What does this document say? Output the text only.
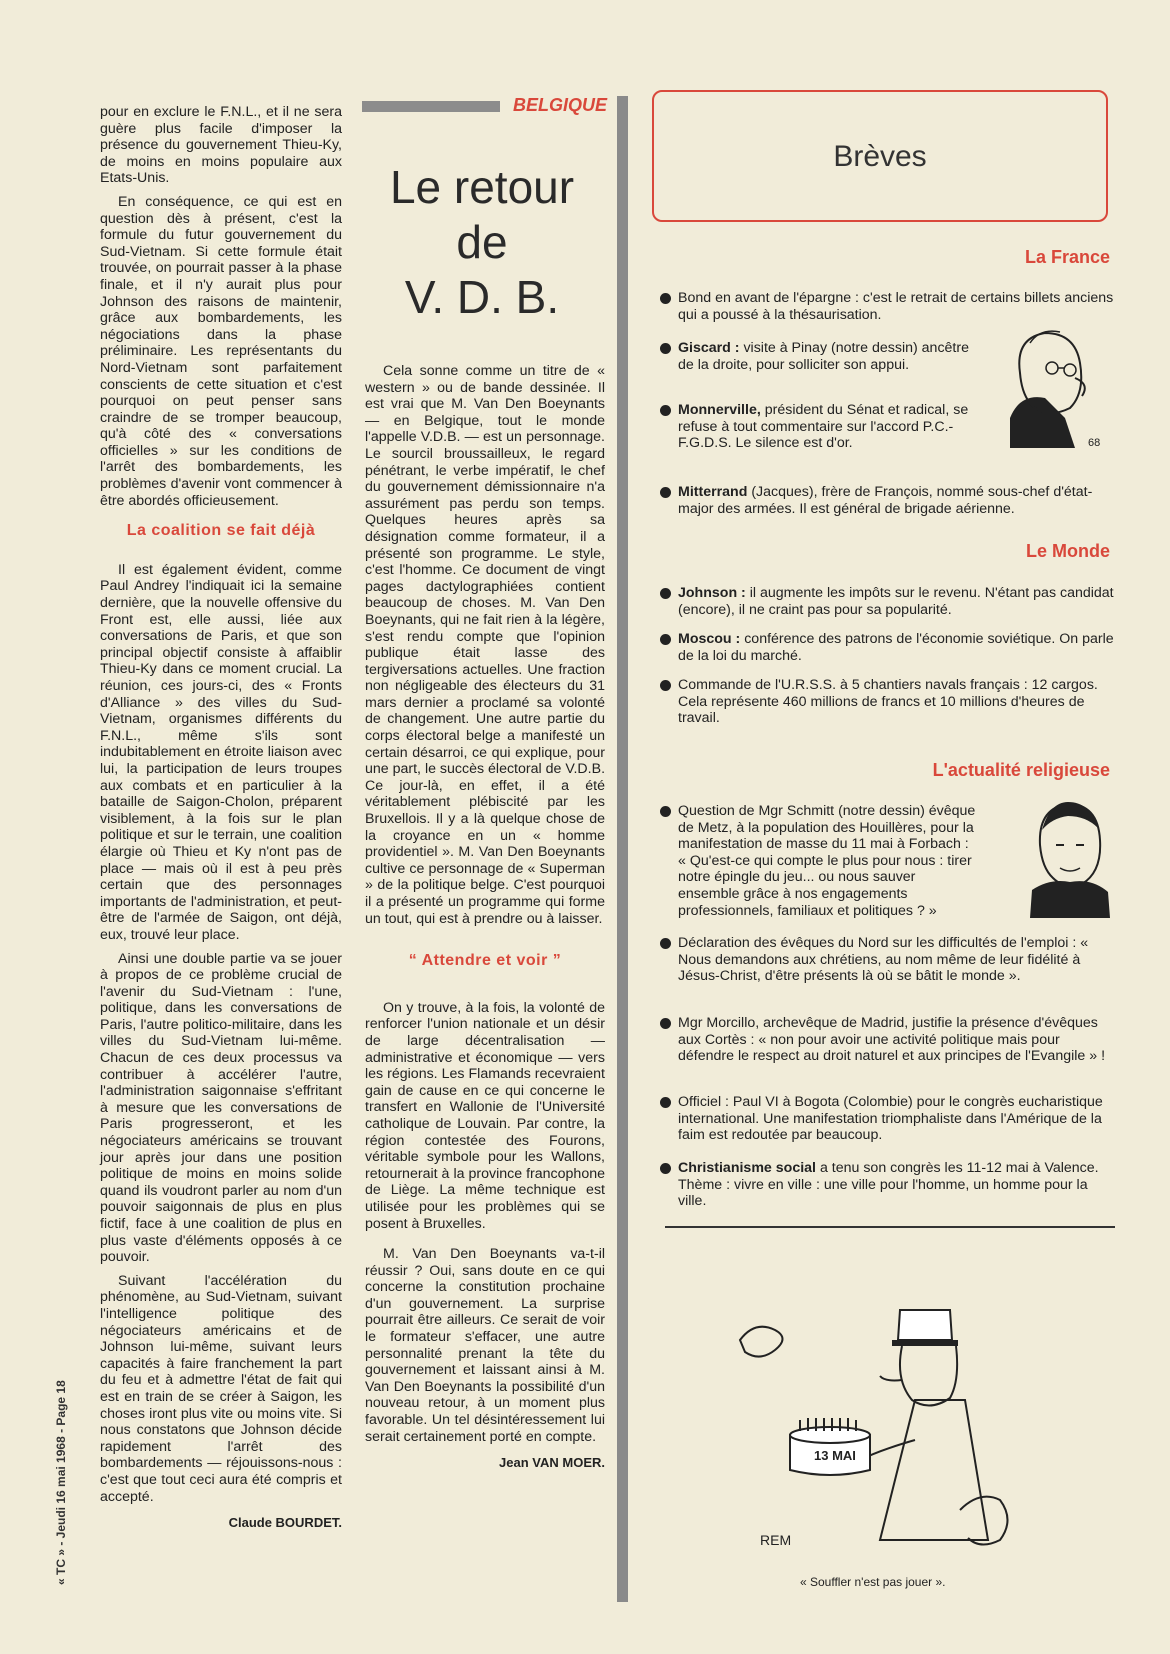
pour en exclure le F.N.L., et il ne sera guère plus facile d'imposer la présence du gouvernement Thieu-Ky, de moins en moins populaire aux Etats-Unis.

En conséquence, ce qui est en question dès à présent, c'est la formule du futur gouvernement du Sud-Vietnam. Si cette formule était trouvée, on pourrait passer à la phase finale, et il n'y aurait plus pour Johnson des raisons de maintenir, grâce aux bombardements, les négociations dans la phase préliminaire. Les représentants du Nord-Vietnam sont parfaitement conscients de cette situation et c'est pourquoi on peut penser sans craindre de se tromper beaucoup, qu'à côté des « conversations officielles » sur les conditions de l'arrêt des bombardements, les problèmes d'avenir vont commencer à être abordés officieusement.

La coalition se fait déjà

Il est également évident, comme Paul Andrey l'indiquait ici la semaine dernière, que la nouvelle offensive du Front est, elle aussi, liée aux conversations de Paris, et que son principal objectif consiste à affaiblir Thieu-Ky dans ce moment crucial. La réunion, ces jours-ci, des « Fronts d'Alliance » des villes du Sud-Vietnam, organismes différents du F.N.L., même s'ils sont indubitablement en étroite liaison avec lui, la participation de leurs troupes aux combats et en particulier à la bataille de Saigon-Cholon, préparent visiblement, à la fois sur le plan politique et sur le terrain, une coalition élargie où Thieu et Ky n'ont pas de place — mais où il est à peu près certain que des personnages importants de l'administration, et peut-être de l'armée de Saigon, ont déjà, eux, trouvé leur place.

Ainsi une double partie va se jouer à propos de ce problème crucial de l'avenir du Sud-Vietnam : l'une, politique, dans les conversations de Paris, l'autre politico-militaire, dans les villes du Sud-Vietnam lui-même. Chacun de ces deux processus va contribuer à accélérer l'autre, l'administration saigonnaise s'effritant à mesure que les conversations de Paris progresseront, et les négociateurs américains se trouvant jour après jour dans une position politique de moins en moins solide quand ils voudront parler au nom d'un pouvoir saigonnais de plus en plus fictif, face à une coalition de plus en plus vaste d'éléments opposés à ce pouvoir.

Suivant l'accélération du phénomène, au Sud-Vietnam, suivant l'intelligence politique des négociateurs américains et de Johnson lui-même, suivant leurs capacités à faire franchement la part du feu et à admettre l'état de fait qui est en train de se créer à Saigon, les choses iront plus vite ou moins vite. Si nous constatons que Johnson décide rapidement l'arrêt des bombardements — réjouissons-nous : c'est que tout ceci aura été compris et accepté.

Claude BOURDET.
« TC » - Jeudi 16 mai 1968 - Page 18
BELGIQUE
Le retour
de
V. D. B.

Cela sonne comme un titre de « western » ou de bande dessinée. Il est vrai que M. Van Den Boeynants — en Belgique, tout le monde l'appelle V.D.B. — est un personnage. Le sourcil broussailleux, le regard pénétrant, le verbe impératif, le chef du gouvernement démissionnaire n'a assurément pas perdu son temps. Quelques heures après sa désignation comme formateur, il a présenté son programme. Le style, c'est l'homme. Ce document de vingt pages dactylographiées contient beaucoup de choses. M. Van Den Boeynants, qui ne fait rien à la légère, s'est rendu compte que l'opinion publique était lasse des tergiversations actuelles. Une fraction non négligeable des électeurs du 31 mars dernier a proclamé sa volonté de changement. Une autre partie du corps électoral belge a manifesté un certain désarroi, ce qui explique, pour une part, le succès électoral de V.D.B. Ce jour-là, en effet, il a été véritablement plébiscité par les Bruxellois. Il y a là quelque chose de la croyance en un « homme providentiel ». M. Van Den Boeynants cultive ce personnage de « Superman » de la politique belge. C'est pourquoi il a présenté un programme qui forme un tout, qui est à prendre ou à laisser.

“ Attendre et voir ”

On y trouve, à la fois, la volonté de renforcer l'union nationale et un désir de large décentralisation — administrative et économique — vers les régions. Les Flamands recevraient gain de cause en ce qui concerne le transfert en Wallonie de l'Université catholique de Louvain. Par contre, la région contestée des Fourons, véritable symbole pour les Wallons, retournerait à la province francophone de Liège. La même technique est utilisée pour les problèmes qui se posent à Bruxelles.

M. Van Den Boeynants va-t-il réussir ? Oui, sans doute en ce qui concerne la constitution prochaine d'un gouvernement. La surprise pourrait être ailleurs. Ce serait de voir le formateur s'effacer, une autre personnalité prenant la tête du gouvernement et laissant ainsi à M. Van Den Boeynants la possibilité d'un nouveau retour, à un moment plus favorable. Un tel désintéressement lui serait certainement porté en compte.

Jean VAN MOER.
Brèves
La France
Bond en avant de l'épargne : c'est le retrait de certains billets anciens qui a poussé à la thésaurisation.
Giscard : visite à Pinay (notre dessin) ancêtre de la droite, pour solliciter son appui.
Monnerville, président du Sénat et radical, se refuse à tout commentaire sur l'accord P.C.-F.G.D.S. Le silence est d'or.
Mitterrand (Jacques), frère de François, nommé sous-chef d'état-major des armées. Il est général de brigade aérienne.
68
Le Monde
Johnson : il augmente les impôts sur le revenu. N'étant pas candidat (encore), il ne craint pas pour sa popularité.
Moscou : conférence des patrons de l'économie soviétique. On parle de la loi du marché.
Commande de l'U.R.S.S. à 5 chantiers navals français : 12 cargos. Cela représente 460 millions de francs et 10 millions d'heures de travail.
L'actualité religieuse
Question de Mgr Schmitt (notre dessin) évêque de Metz, à la population des Houillères, pour la manifestation de masse du 11 mai à Forbach : « Qu'est-ce qui compte le plus pour nous : tirer notre épingle du jeu... ou nous sauver ensemble grâce à nos engagements professionnels, familiaux et politiques ? »
Déclaration des évêques du Nord sur les difficultés de l'emploi : « Nous demandons aux chrétiens, au nom même de leur fidélité à Jésus-Christ, d'être présents là où se bâtit le monde ».
Mgr Morcillo, archevêque de Madrid, justifie la présence d'évêques aux Cortès : « non pour avoir une activité politique mais pour défendre le respect au droit naturel et aux principes de l'Evangile » !
Officiel : Paul VI à Bogota (Colombie) pour le congrès eucharistique international. Une manifestation triomphaliste dans l'Amérique de la faim est redoutée par beaucoup.
Christianisme social a tenu son congrès les 11-12 mai à Valence. Thème : vivre en ville : une ville pour l'homme, un homme pour la ville.
13 MAI
REM
« Souffler n'est pas jouer ».
